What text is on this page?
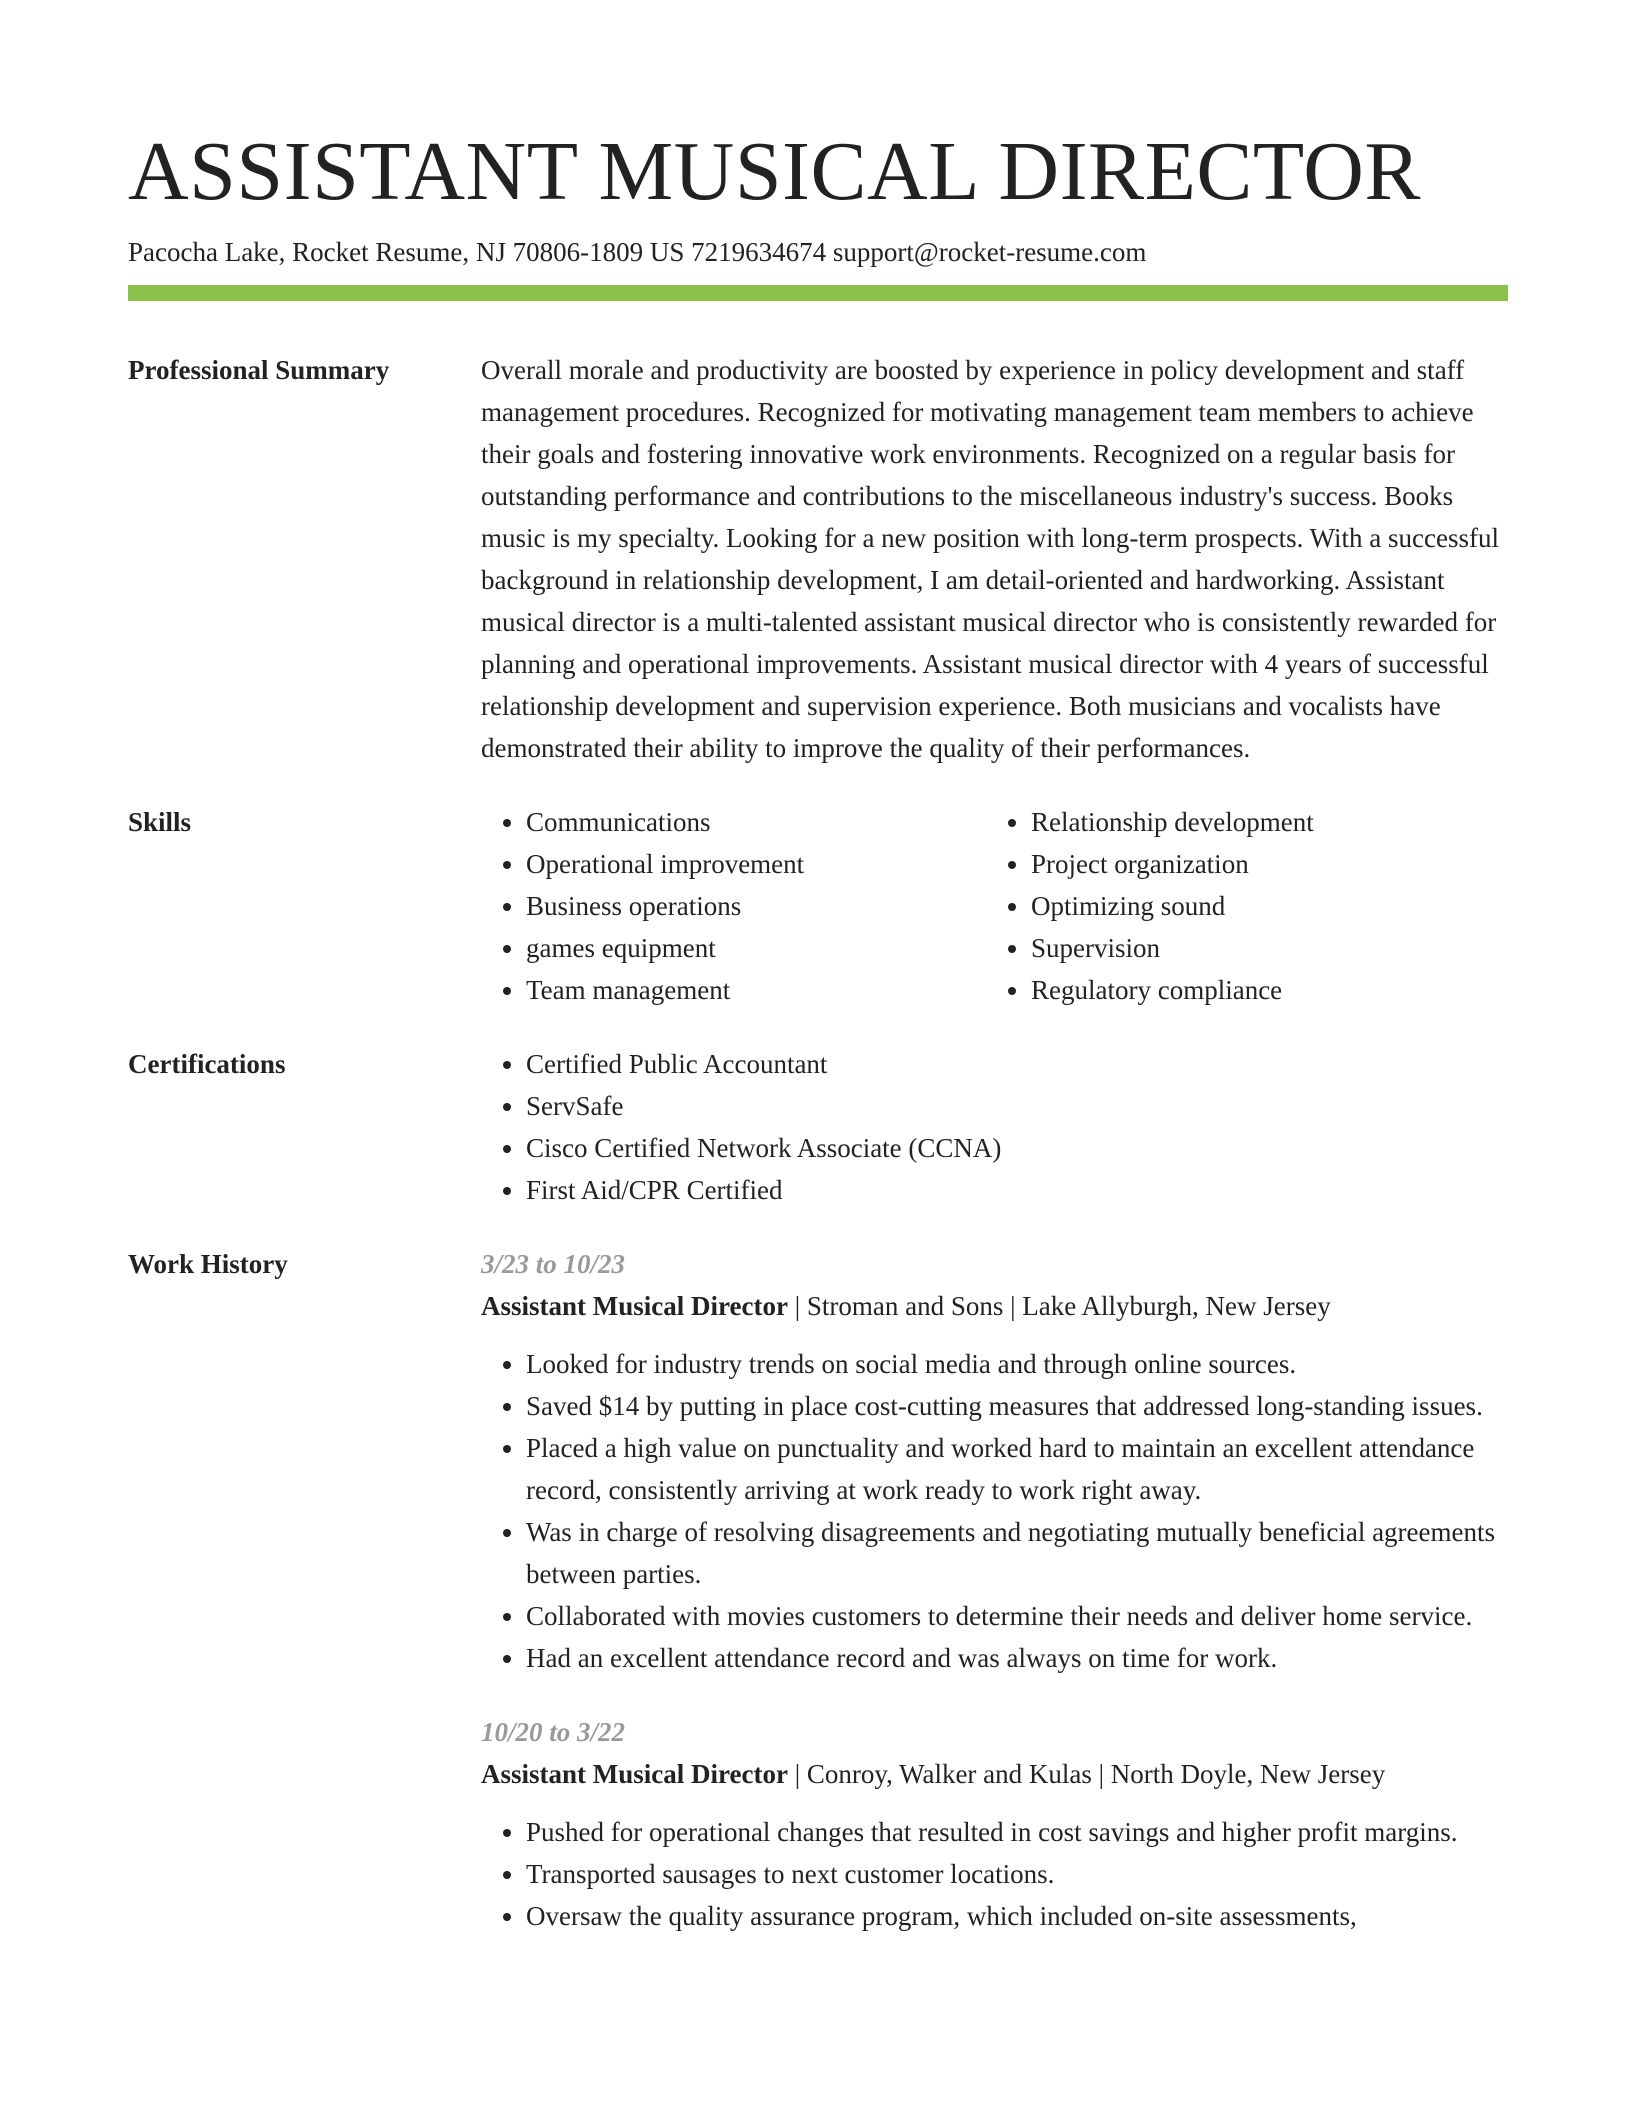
ASSISTANT MUSICAL DIRECTOR
Pacocha Lake, Rocket Resume, NJ 70806-1809 US 7219634674 support@rocket-resume.com
Professional Summary	Overall morale and productivity are boosted by experience in policy development and staff management procedures. Recognized for motivating management team members to achieve their goals and fostering innovative work environments. Recognized on a regular basis for outstanding performance and contributions to the miscellaneous industry's success. Books music is my specialty. Looking for a new position with long-term prospects. With a successful background in relationship development, I am detail-oriented and hardworking. Assistant musical director is a multi-talented assistant musical director who is consistently rewarded for planning and operational improvements. Assistant musical director with 4 years of successful relationship development and supervision experience. Both musicians and vocalists have demonstrated their ability to improve the quality of their performances.

Skills	• Communications
• Operational improvement
• Business operations
• games equipment
• Team management
• Relationship development
• Project organization
• Optimizing sound
• Supervision
• Regulatory compliance
Certifications	• Certified Public Accountant
• ServSafe
• Cisco Certified Network Associate (CCNA)
• First Aid/CPR Certified
Work History	3/23 to 10/23
Assistant Musical Director | Stroman and Sons | Lake Allyburgh, New Jersey
• Looked for industry trends on social media and through online sources.
• Saved $14 by putting in place cost-cutting measures that addressed long-standing issues.
• Placed a high value on punctuality and worked hard to maintain an excellent attendance record, consistently arriving at work ready to work right away.
• Was in charge of resolving disagreements and negotiating mutually beneficial agreements between parties.
• Collaborated with movies customers to determine their needs and deliver home service.
• Had an excellent attendance record and was always on time for work.
10/20 to 3/22
Assistant Musical Director | Conroy, Walker and Kulas | North Doyle, New Jersey
• Pushed for operational changes that resulted in cost savings and higher profit margins.
• Transported sausages to next customer locations.
• Oversaw the quality assurance program, which included on-site assessments,
